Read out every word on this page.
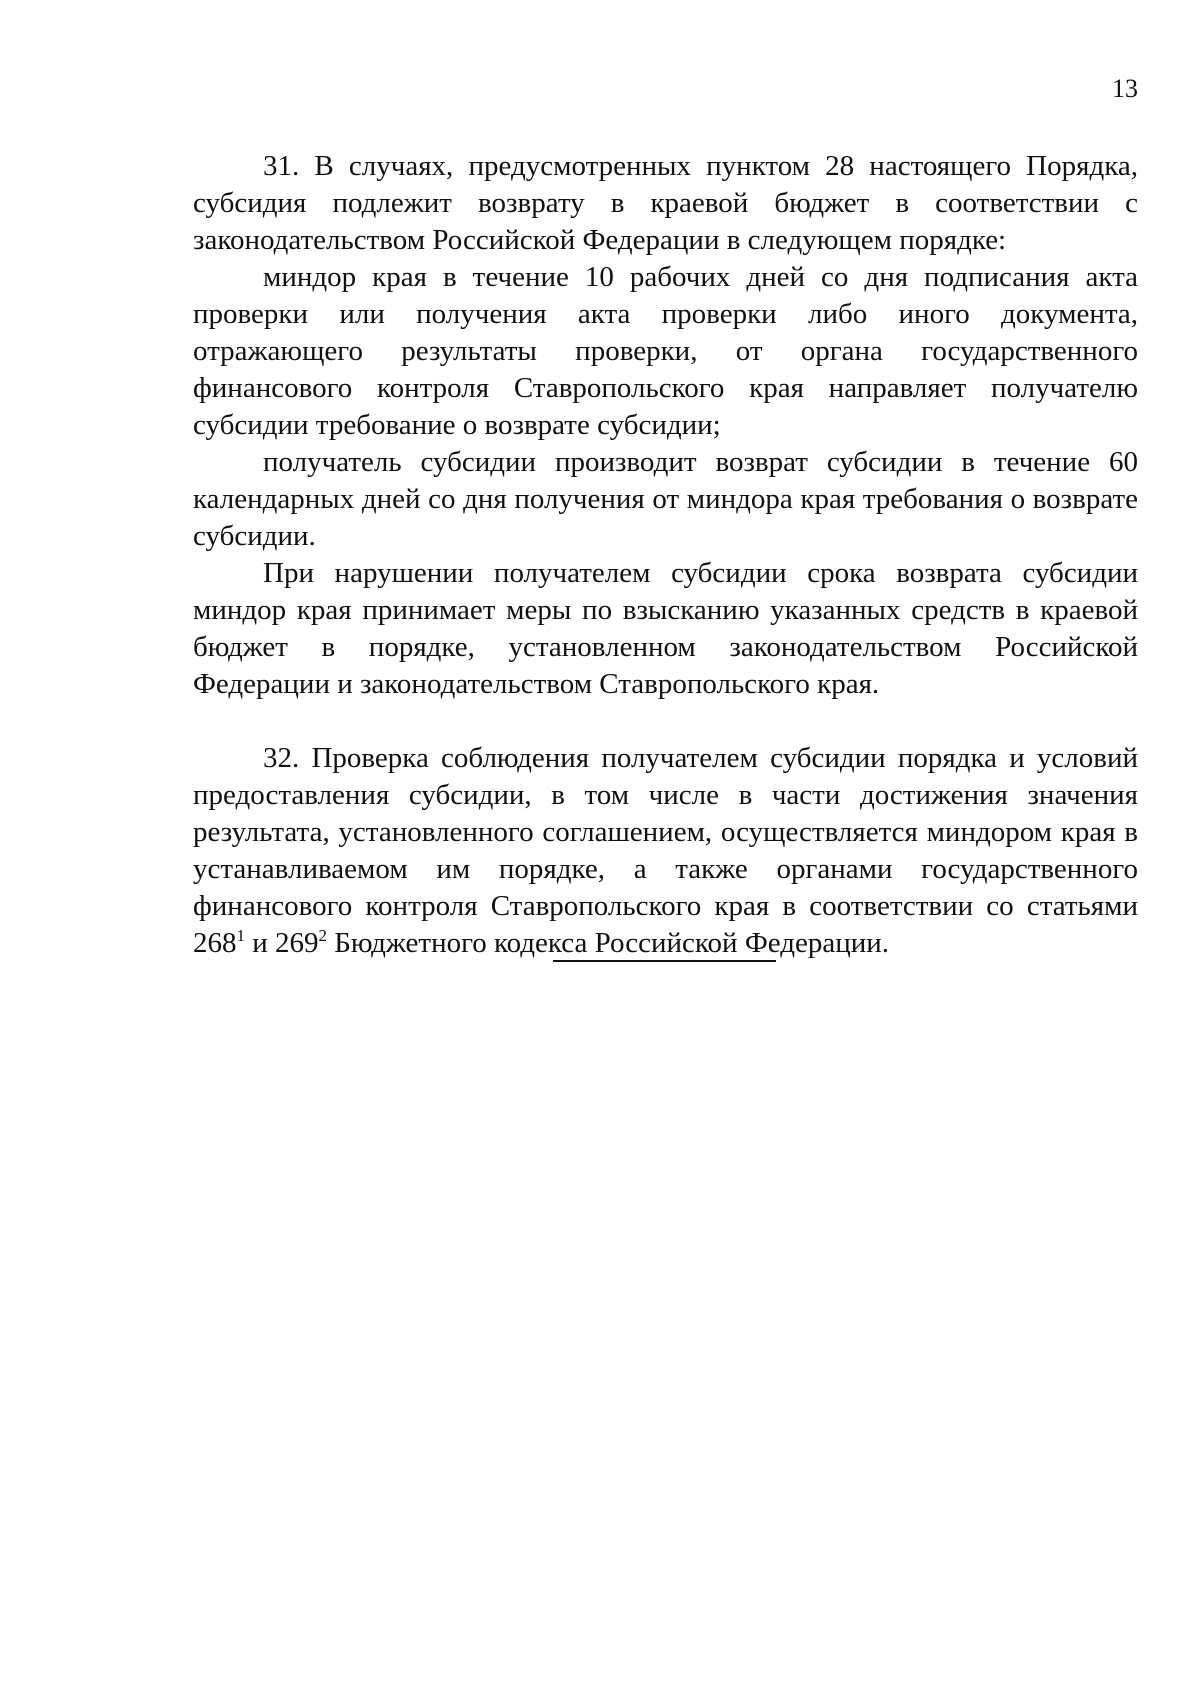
13

31. В случаях, предусмотренных пунктом 28 настоящего Порядка, субсидия подлежит возврату в краевой бюджет в соответствии с законодательством Российской Федерации в следующем порядке:

миндор края в течение 10 рабочих дней со дня подписания акта проверки или получения акта проверки либо иного документа, отражающего результаты проверки, от органа государственного финансового контроля Ставропольского края направляет получателю субсидии требование о возврате субсидии;

получатель субсидии производит возврат субсидии в течение 60 календарных дней со дня получения от миндора края требования о возврате субсидии.

При нарушении получателем субсидии срока возврата субсидии миндор края принимает меры по взысканию указанных средств в краевой бюджет в порядке, установленном законодательством Российской Федерации и законодательством Ставропольского края.

32. Проверка соблюдения получателем субсидии порядка и условий предоставления субсидии, в том числе в части достижения значения результата, установленного соглашением, осуществляется миндором края в устанавливаемом им порядке, а также органами государственного финансового контроля Ставропольского края в соответствии со статьями $268^1$ и $269^2$ Бюджетного кодекса Российской Федерации.
